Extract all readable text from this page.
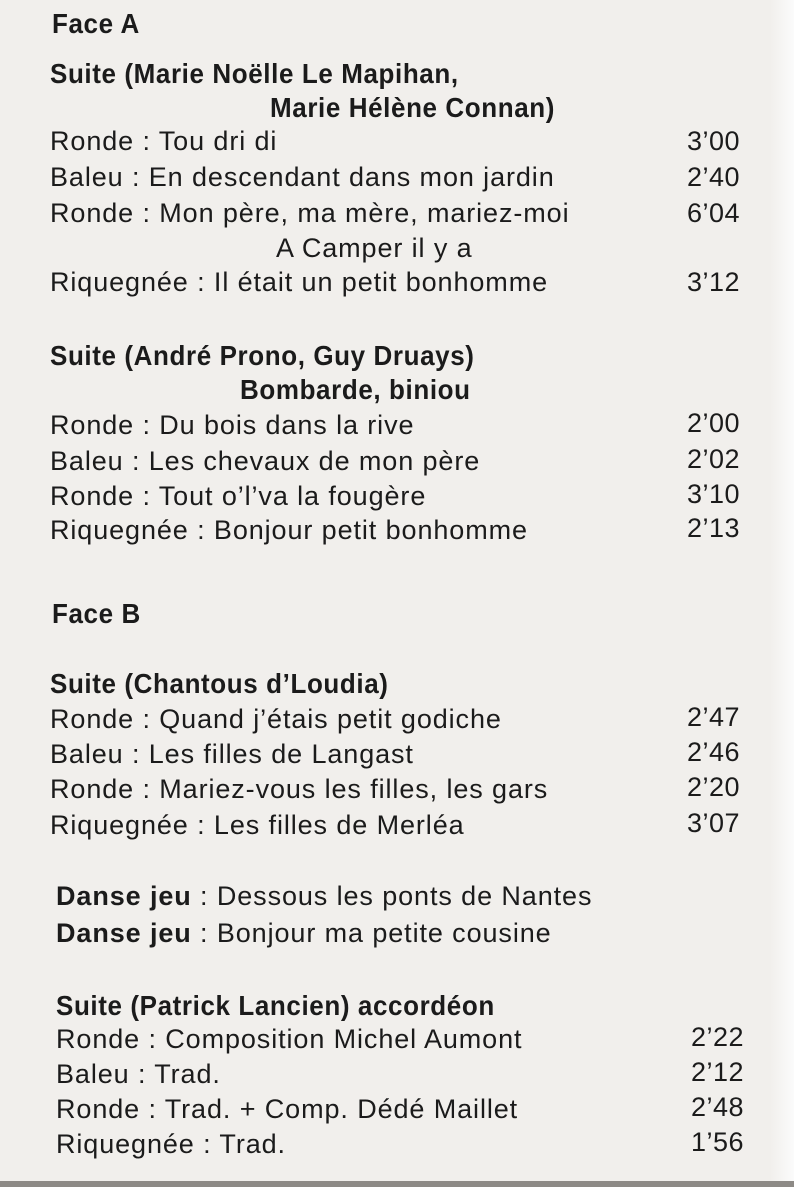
Face A
Suite (Marie Noëlle Le Mapihan,
Marie Hélène Connan)
Ronde : Tou dri di	3’00
Baleu : En descendant dans mon jardin	2’40
Ronde : Mon père, ma mère, mariez-moi	6’04
A Camper il y a
Riquegnée : Il était un petit bonhomme	3’12
Suite (André Prono, Guy Druays)
Bombarde, biniou
Ronde : Du bois dans la rive	2’00
Baleu : Les chevaux de mon père	2’02
Ronde : Tout o’l’va la fougère	3’10
Riquegnée : Bonjour petit bonhomme	2’13
Face B
Suite (Chantous d’Loudia)
Ronde : Quand j’étais petit godiche	2’47
Baleu : Les filles de Langast	2’46
Ronde : Mariez-vous les filles, les gars	2’20
Riquegnée : Les filles de Merléa	3’07
Danse jeu : Dessous les ponts de Nantes
Danse jeu : Bonjour ma petite cousine
Suite (Patrick Lancien) accordéon
Ronde : Composition Michel Aumont	2’22
Baleu : Trad.	2’12
Ronde : Trad. + Comp. Dédé Maillet	2’48
Riquegnée : Trad.	1’56
